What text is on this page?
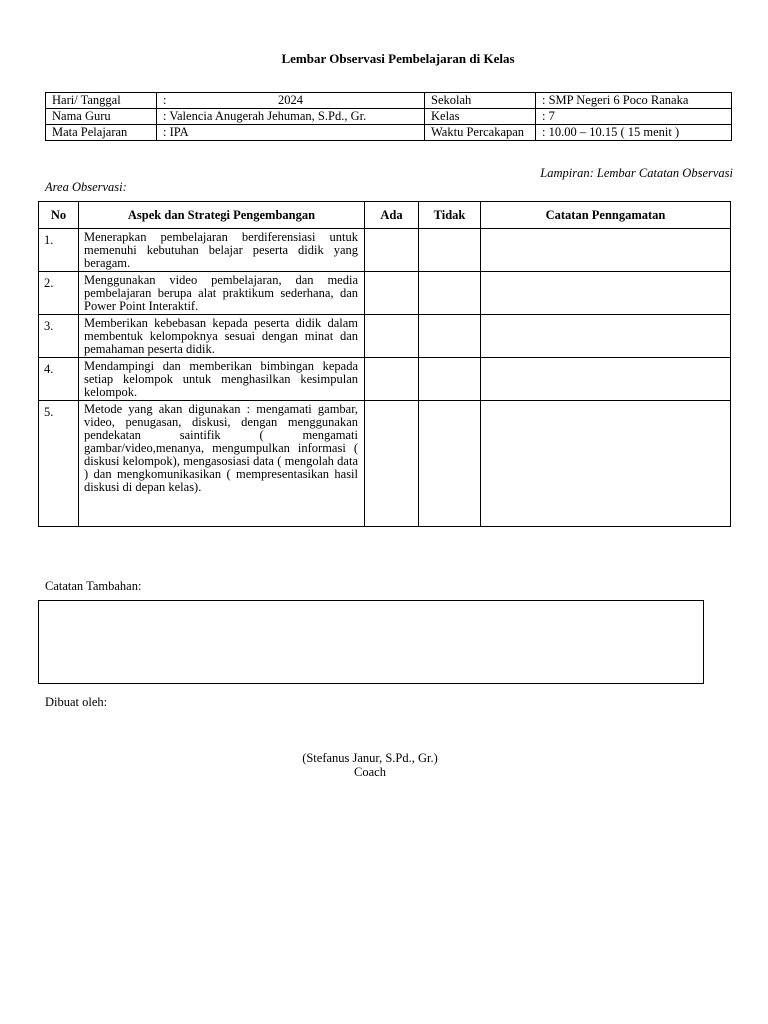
Lembar Observasi Pembelajaran di Kelas
Hari/ Tanggal	: 2024	Sekolah	: SMP Negeri 6 Poco Ranaka
Nama Guru	: Valencia Anugerah Jehuman, S.Pd., Gr.	Kelas	: 7
Mata Pelajaran	: IPA	Waktu Percakapan	: 10.00 – 10.15 ( 15 menit )
Lampiran: Lembar Catatan Observasi
Area Observasi:
No	Aspek dan Strategi Pengembangan	Ada	Tidak	Catatan Penngamatan
1.	Menerapkan pembelajaran berdiferensiasi untuk memenuhi kebutuhan belajar peserta didik yang beragam.			
2.	Menggunakan video pembelajaran, dan media pembelajaran berupa alat praktikum sederhana, dan Power Point Interaktif.			
3.	Memberikan kebebasan kepada peserta didik dalam membentuk kelompoknya sesuai dengan minat dan pemahaman peserta didik.			
4.	Mendampingi dan memberikan bimbingan kepada setiap kelompok untuk menghasilkan kesimpulan kelompok.			
5.	Metode yang akan digunakan : mengamati gambar, video, penugasan, diskusi, dengan menggunakan pendekatan saintifik ( mengamati gambar/video,menanya, mengumpulkan informasi ( diskusi kelompok), mengasosiasi data ( mengolah data ) dan mengkomunikasikan ( mempresentasikan hasil diskusi di depan kelas).			
Catatan Tambahan:
Dibuat oleh:
(Stefanus Janur, S.Pd., Gr.)
Coach
